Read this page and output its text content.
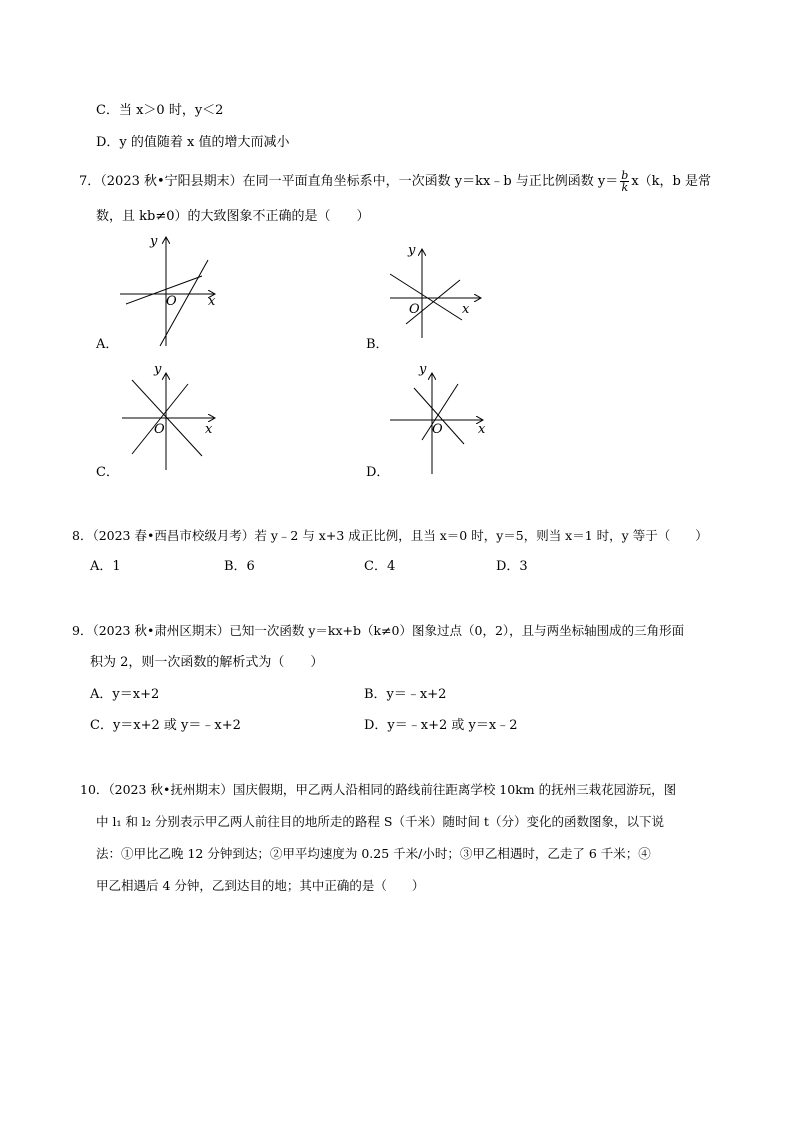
C．当 x＞0 时，y＜2
D．y 的值随着 x 值的增大而减小
7．（2023 秋•宁阳县期末）在同一平面直角坐标系中，一次函数 y＝kx﹣b 与正比例函数 $y= \frac{b}{k} x(k$，b 是常
数，且 kb≠0）的大致图象不正确的是（　　）
y
x
O
A．
y
x
O
B．
y
x
O
C．
y
x
O
D．
8．（2023 春•西昌市校级月考）若 y﹣2 与 x+3 成正比例，且当 x＝0 时，y＝5，则当 x＝1 时，y 等于（　　）
A．1	B．6	C．4	D．3
9．（2023 秋•肃州区期末）已知一次函数 y＝kx+b（k≠0）图象过点（0，2），且与两坐标轴围成的三角形面
积为 2，则一次函数的解析式为（　　）
A．y＝x+2	B．y＝﹣x+2
C．y＝x+2 或 y＝﹣x+2	D．y＝﹣x+2 或 y＝x﹣2
10．（2023 秋•抚州期末）国庆假期，甲乙两人沿相同的路线前往距离学校 10km 的抚州三栽花园游玩，图
中 l₁ 和 l₂ 分别表示甲乙两人前往目的地所走的路程 S（千米）随时间 t（分）变化的函数图象，以下说
法：①甲比乙晚 12 分钟到达；②甲平均速度为 0.25 千米/小时；③甲乙相遇时，乙走了 6 千米；④
甲乙相遇后 4 分钟，乙到达目的地；其中正确的是（　　）
